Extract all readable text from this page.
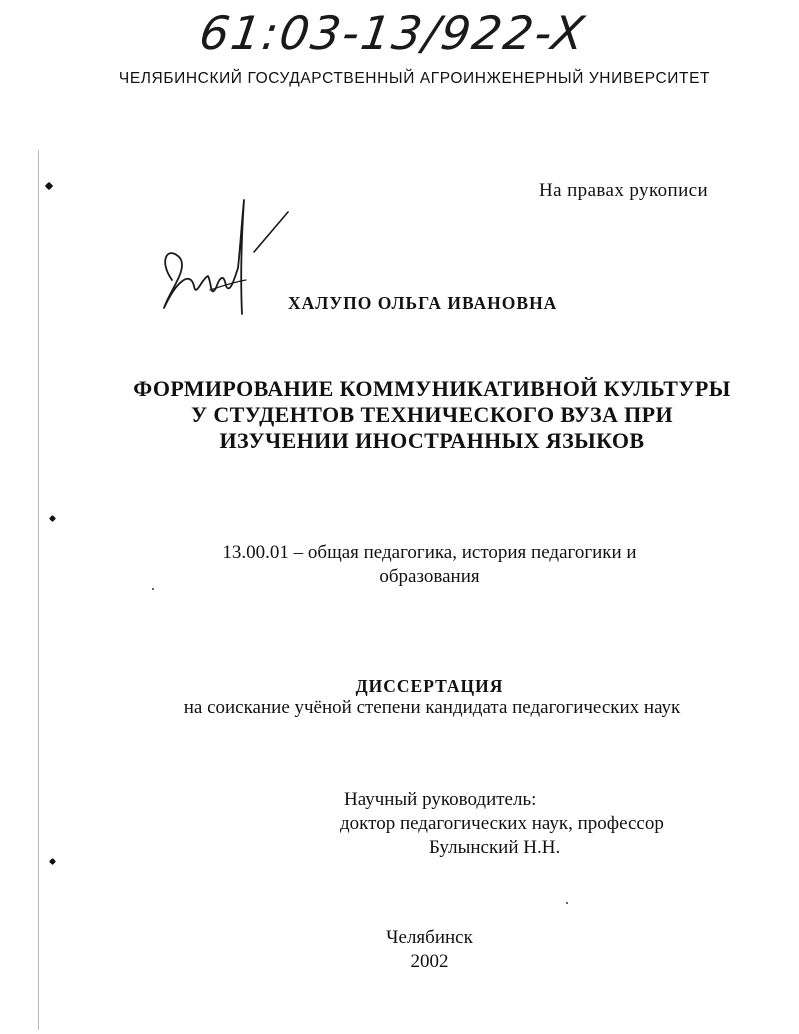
61:03-13/922-X
ЧЕЛЯБИНСКИЙ ГОСУДАРСТВЕННЫЙ АГРОИНЖЕНЕРНЫЙ УНИВЕРСИТЕТ
На правах рукописи
ХАЛУПО ОЛЬГА ИВАНОВНА
ФОРМИРОВАНИЕ КОММУНИКАТИВНОЙ КУЛЬТУРЫ
У СТУДЕНТОВ ТЕХНИЧЕСКОГО ВУЗА ПРИ
ИЗУЧЕНИИ ИНОСТРАННЫХ ЯЗЫКОВ
13.00.01 – общая педагогика, история педагогики и
образования
ДИССЕРТАЦИЯ
на соискание учёной степени кандидата педагогических наук
Научный руководитель:
доктор педагогических наук, профессор
Булынский Н.Н.
Челябинск
2002
